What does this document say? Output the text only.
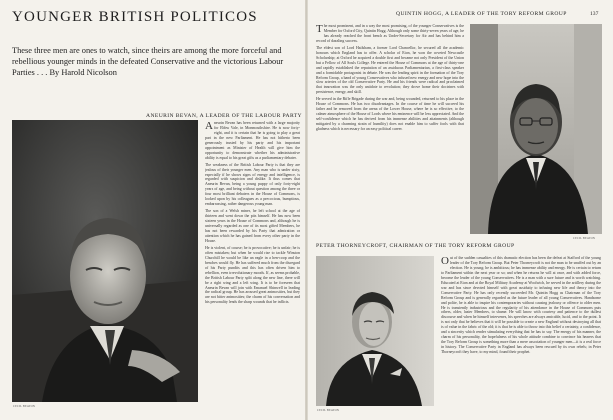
YOUNGER BRITISH POLITICOS
These three men are ones to watch, since theirs are among the more forceful and rebellious younger minds in the defeated Conservative and the victorious Labour Parties . . . By Harold Nicolson
ANEURIN BEVAN, A LEADER OF THE LABOUR PARTY
CECIL BEATON

Aneurin Bevan has been returned with a large majority for Ebbw Vale, in Monmouthshire. He is now forty-eight, and it is certain that he is going to play a great part in the new Parliament. He has not hitherto been generously trusted by his party and his important appointment as Minister of Health will give him the opportunity to demonstrate whether his administrative ability is equal to his great gifts as a parliamentary debater.

The weakness of the British Labour Party is that they are jealous of their younger men. Any man who is under sixty, especially if he shows signs of energy and intelligence, is regarded with suspicion and dislike. It thus comes that Aneurin Bevan, being a young puppy of only forty-eight years of age, and being without question among the three or four most brilliant debaters in the House of Commons, is looked upon by his colleagues as a precocious, bumptious, embarrassing, rather dangerous young man.

The son of a Welsh miner, he left school at the age of thirteen and went down the pits himself. He has now been sixteen years in the House of Commons and, although he is universally regarded as one of its most gifted Members, he has not been rewarded by his Party that admiration or attention which he has gained from every other party in the House.

He is violent, of course; he is provocative; he is unfair; he is often mistaken; but when he would rise to tackle Winston Churchill he would be like an eagle in a hen-coop and the benches would fly. He has suffered much from the disregard of his Party pundits and this has often driven him to rebellion, even irrevolutionary moods. If, as seems probable, the British Labour Party split along the new line, there will be a right wing and a left wing. It is to be foreseen that Aneurin Bevan will join with Emanuel Shinwell in leading the radical group. He has aroused great animosities, but they are not bitter animosities; the charm of his conversation and his personality lends the sharp wounds that he inflicts.

QUINTIN HOGG, A LEADER OF THE TORY REFORM GROUP	137

The most prominent, and in a way the most promising, of the younger Conservatives is the Member for Oxford City, Quintin Hogg. Although only some thirty-seven years of age, he has already reached the front bench as Under-Secretary for Air and has behind him a record of dazzling success.

The eldest son of Lord Hailsham, a former Lord Chancellor, he secured all the academic honours which England has to offer. A scholar of Eton, he won the coveted Newcastle Scholarship; at Oxford he acquired a double first and became not only President of the Union but a Fellow of All Souls College. He entered the House of Commons at the age of thirty-one and rapidly established the reputation of an assiduous Parliamentarian, a first-class speaker and a formidable protagonist in debate. He was the leading spirit in the formation of the Tory Reform Group, a band of young Conservatives who infused new energy and new hope into the slow arteries of the old Conservative Party. He and his friends were radical and proclaimed that innovation was the only antidote to revolution; they drove home their doctrines with persistence, energy, and skill.

He served in the Rifle Brigade during the war and, being wounded, returned to his place in the House of Commons. He has two disadvantages. In the course of time he will succeed his father and be removed from the arena of the Lower House, where he is so effective, to the calmer atmosphere of the House of Lords where his eminence will be less appreciated. And the self-confidence which he has derived from his immense abilities and attainments (although mitigated by a charming strain of humility) does not enable him to suffer fools with that gladness which is necessary for an easy political career.

CECIL BEATON
PETER THORNEYCROFT, CHAIRMAN OF THE TORY REFORM GROUP
CECIL BEATON

Out of the sudden casualties of this dramatic election has been the defeat at Stafford of the young leader of the Tory Reform Group. But Peter Thorneycroft is not the man to be snuffed out by an election. He is young; he is ambitious; he has immense ability and energy. He is certain to return to Parliament within the next year or so; and when he returns he will at once, and with added force, become the leader of the young Conservatives. He is a man with a sure future and is worth watching. Educated at Eton and at the Royal Military Academy at Woolwich, he served in the artillery during the war and has since devoted himself with great assiduity to infusing new life and theory into the Conservative Party. He has only recently succeeded Mr. Quintin Hogg as Chairman of the Tory Reform Group and is generally regarded as the future leader of all young Conservatives. Handsome and polite, he is able to inspire his contemporaries without causing jealousy or offence to older men. He is transiently industrious and the regularity of his attendance in the House of Commons puts others, older, lazier Members, to shame. He will know with courtesy and patience to the dullest discourse and when he himself intervenes, his speeches are always amicable, lucid, and to the point. It is not only that he believes that it will be possible to create a new England without destroying all that is of value in the fabric of the old; it is that he is able to throw into this belief a certainty, a confidence, and a sincerity which render stimulating everything that he has to say. The energy of his manner, the charm of his personality, the hopefulness of his whole attitude combine to convince his hearers that the Tory Reform Group is something more than a mere association of younger men—it is a real force in history. The Conservative Party in England has always been rescued by its own rebels; in Peter Thorneycroft they have, to my mind, found their prophet.
